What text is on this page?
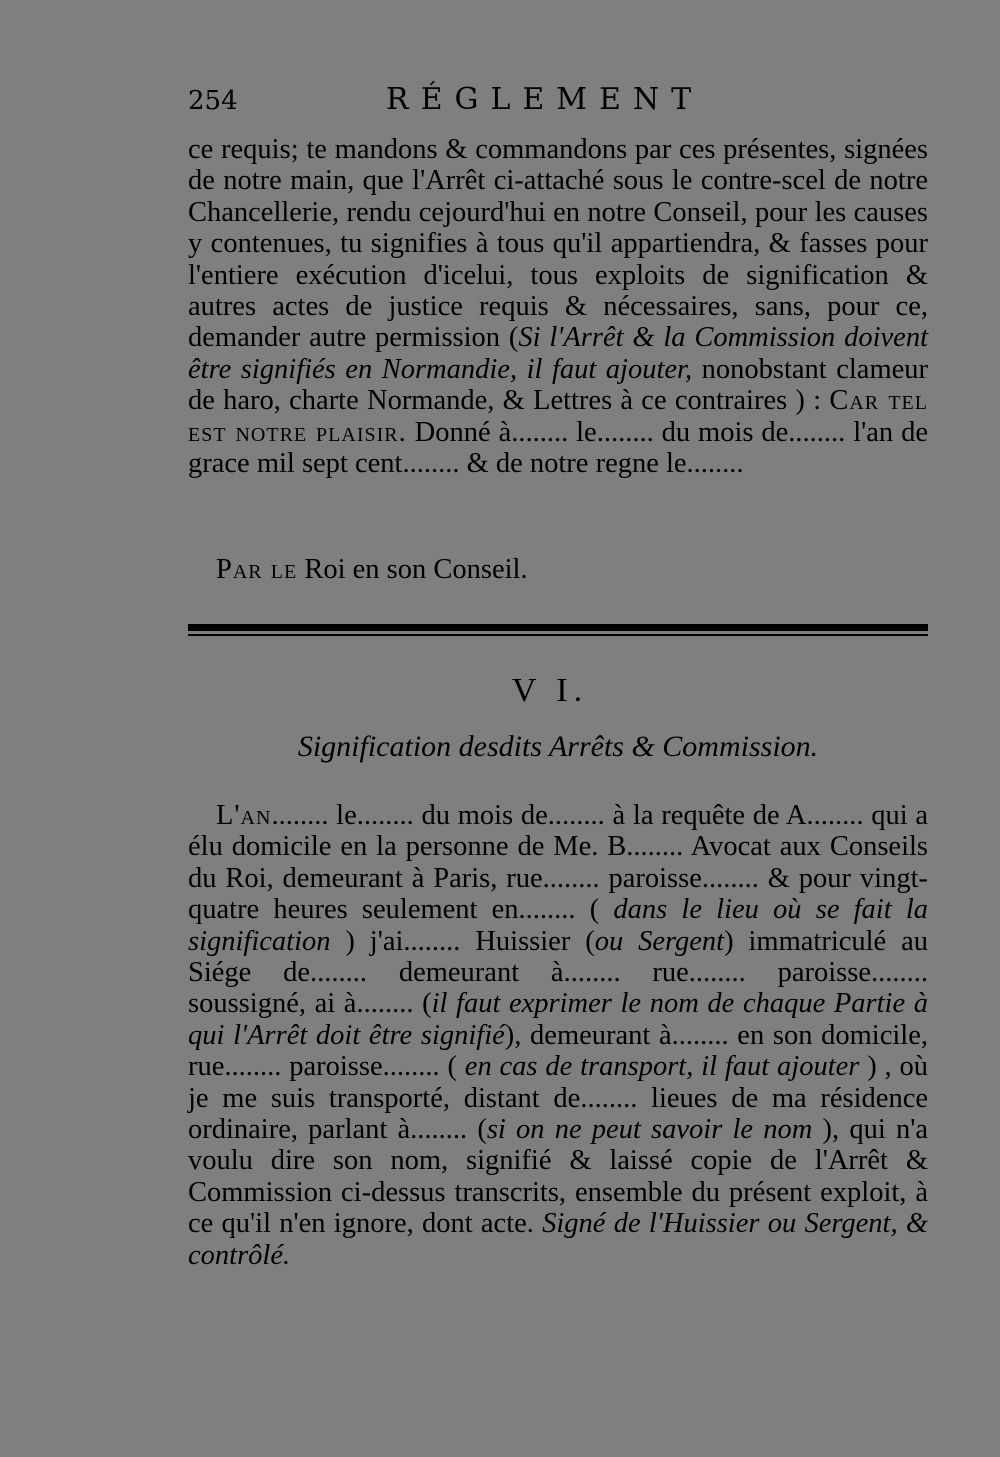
254	RÉGLEMENT

ce requis; te mandons & commandons par ces présentes, signées de notre main, que l'Arrêt ci-attaché sous le contre-scel de notre Chancellerie, rendu cejourd'hui en notre Conseil, pour les causes y contenues, tu signifies à tous qu'il appartiendra, & fasses pour l'entiere exécution d'icelui, tous exploits de signification & autres actes de justice requis & nécessaires, sans, pour ce, demander autre permission (Si l'Arrêt & la Commission doivent être signifiés en Normandie, il faut ajouter, nonobstant clameur de haro, charte Normande, & Lettres à ce contraires ) : Car tel est notre plaisir. Donné à........ le........ du mois de........ l'an de grace mil sept cent........ & de notre regne le........

Par le Roi en son Conseil.

V I.
Signification desdits Arrêts & Commission.

L'an........ le........ du mois de........ à la requête de A........ qui a élu domicile en la personne de Me. B........ Avocat aux Conseils du Roi, demeurant à Paris, rue........ paroisse........ & pour vingt-quatre heures seulement en........ ( dans le lieu où se fait la signification ) j'ai........ Huissier (ou Sergent) immatriculé au Siége de........ demeurant à........ rue........ paroisse........ soussigné, ai à........ (il faut exprimer le nom de chaque Partie à qui l'Arrêt doit être signifié), demeurant à........ en son domicile, rue........ paroisse........ ( en cas de transport, il faut ajouter ) , où je me suis transporté, distant de........ lieues de ma résidence ordinaire, parlant à........ (si on ne peut savoir le nom ), qui n'a voulu dire son nom, signifié & laissé copie de l'Arrêt & Commission ci-dessus transcrits, ensemble du présent exploit, à ce qu'il n'en ignore, dont acte. Signé de l'Huissier ou Sergent, & contrôlé.
